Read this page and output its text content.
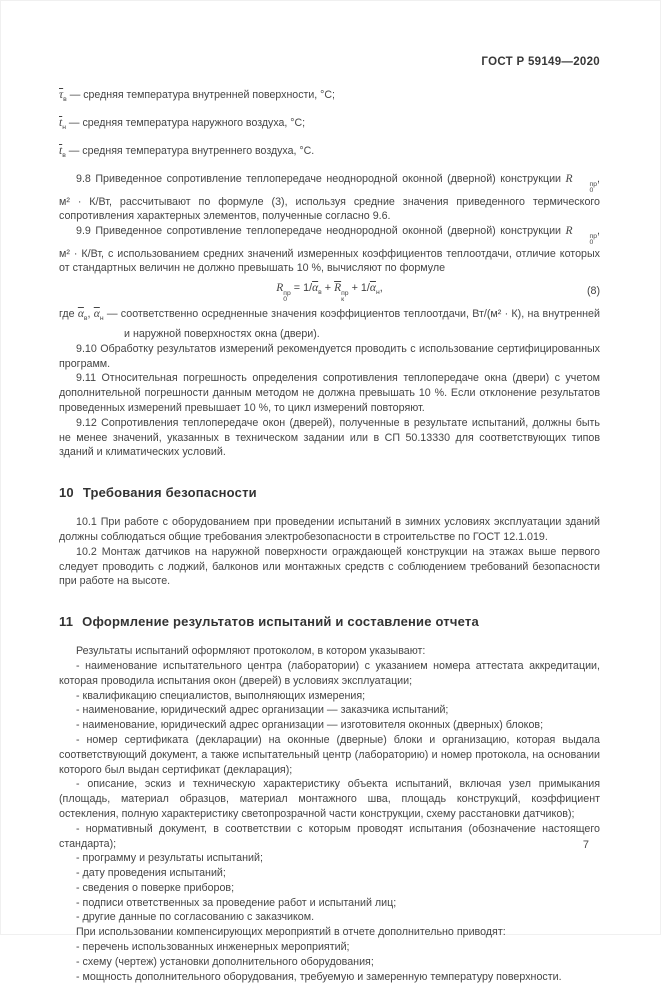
ГОСТ Р 59149—2020

$\overline{\tau}_в$ — средняя температура внутренней поверхности, °С;
$\overline{t}_н$ — средняя температура наружного воздуха, °С;
$\overline{t}_в$ — средняя температура внутреннего воздуха, °С.

9.8 Приведенное сопротивление теплопередаче неоднородной оконной (дверной) конструкции R	пр
0
, м² · К/Вт, рассчитывают по формуле (3), используя средние значения приведенного термического сопротивления характерных элементов, полученные согласно 9.6.

9.9 Приведенное сопротивление теплопередаче неоднородной оконной (дверной) конструкции R	пр
0
, м² · К/Вт, с использованием средних значений измеренных коэффициентов теплоотдачи, отличие которых от стандартных величин не должно превышать 10 %, вычисляют по формуле

R пр
0
= $1/\overline{\alpha}_в + \overline{R}$ пр
к
+ $1/\overline{\alpha}_н$,	(8)

где $\overline{\alpha}_в$, $\overline{\alpha}_н$ — соответственно осредненные значения коэффициентов теплоотдачи, Вт/(м² · К), на внутренней и наружной поверхностях окна (двери).

9.10 Обработку результатов измерений рекомендуется проводить с использование сертифицированных программ.

9.11 Относительная погрешность определения сопротивления теплопередаче окна (двери) с учетом дополнительной погрешности данным методом не должна превышать 10 %. Если отклонение результатов проведенных измерений превышает 10 %, то цикл измерений повторяют.

9.12 Сопротивления теплопередаче окон (дверей), полученные в результате испытаний, должны быть не менее значений, указанных в техническом задании или в СП 50.13330 для соответствующих типов зданий и климатических условий.

10 Требования безопасности

10.1 При работе с оборудованием при проведении испытаний в зимних условиях эксплуатации зданий должны соблюдаться общие требования электробезопасности в строительстве по ГОСТ 12.1.019.

10.2 Монтаж датчиков на наружной поверхности ограждающей конструкции на этажах выше первого следует проводить с лоджий, балконов или монтажных средств с соблюдением требований безопасности при работе на высоте.

11 Оформление результатов испытаний и составление отчета

Результаты испытаний оформляют протоколом, в котором указывают:

- наименование испытательного центра (лаборатории) с указанием номера аттестата аккредитации, которая проводила испытания окон (дверей) в условиях эксплуатации;

- квалификацию специалистов, выполняющих измерения;

- наименование, юридический адрес организации — заказчика испытаний;

- наименование, юридический адрес организации — изготовителя оконных (дверных) блоков;

- номер сертификата (декларации) на оконные (дверные) блоки и организацию, которая выдала соответствующий документ, а также испытательный центр (лабораторию) и номер протокола, на основании которого был выдан сертификат (декларация);

- описание, эскиз и техническую характеристику объекта испытаний, включая узел примыкания (площадь, материал образцов, материал монтажного шва, площадь конструкций, коэффициент остекления, полную характеристику светопрозрачной части конструкции, схему расстановки датчиков);

- нормативный документ, в соответствии с которым проводят испытания (обозначение настоящего стандарта);

- программу и результаты испытаний;

- дату проведения испытаний;

- сведения о поверке приборов;

- подписи ответственных за проведение работ и испытаний лиц;

- другие данные по согласованию с заказчиком.

При использовании компенсирующих мероприятий в отчете дополнительно приводят:

- перечень использованных инженерных мероприятий;

- схему (чертеж) установки дополнительного оборудования;

- мощность дополнительного оборудования, требуемую и замеренную температуру поверхности.

7
